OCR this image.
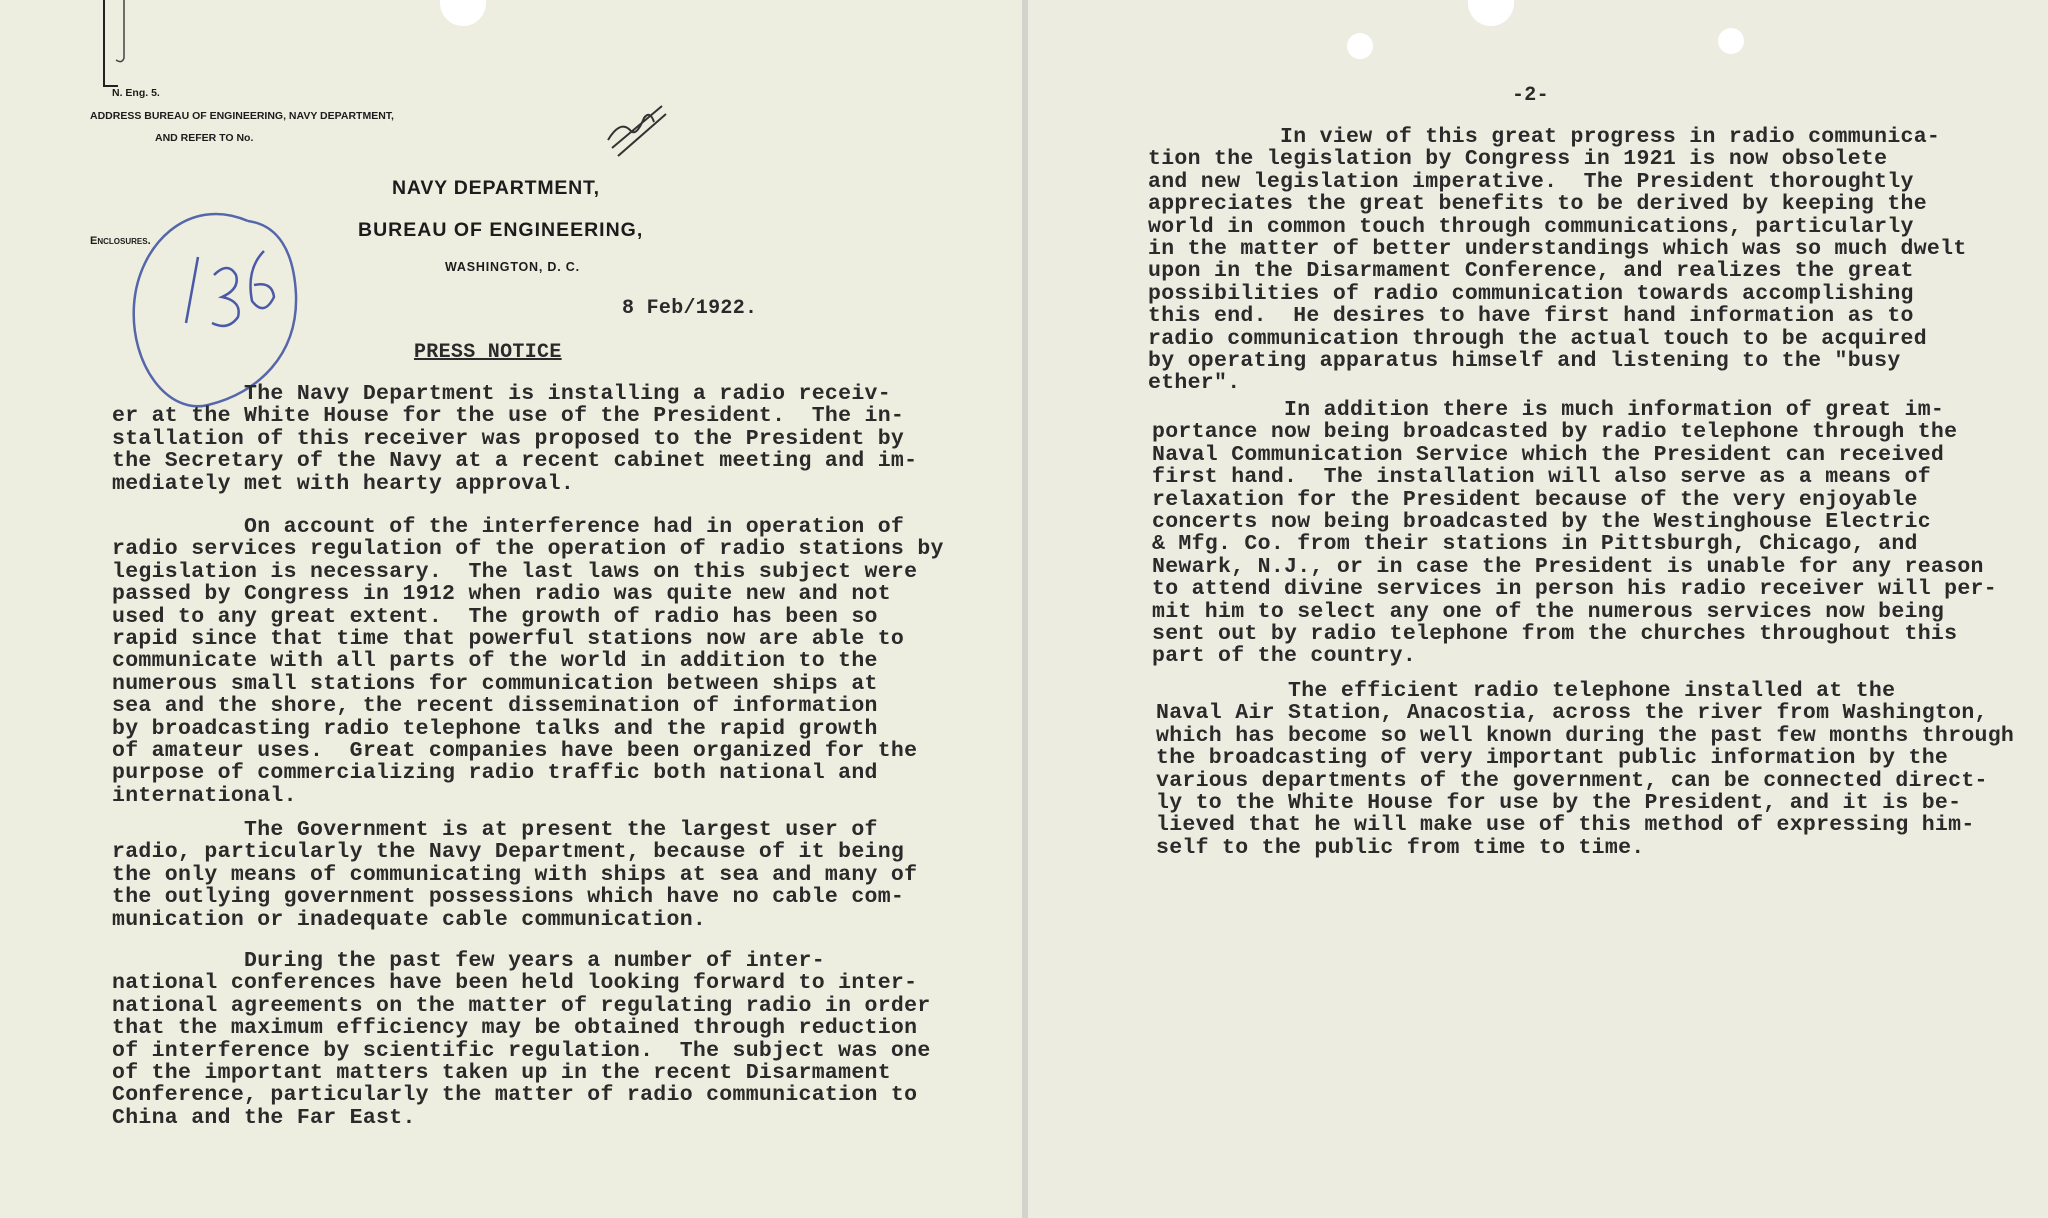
N. Eng. 5.
ADDRESS BUREAU OF ENGINEERING, NAVY DEPARTMENT,
AND REFER TO No.
Enclosures.
NAVY DEPARTMENT,
BUREAU OF ENGINEERING,
WASHINGTON, D. C.
8 Feb/1922.
PRESS NOTICE
The Navy Department is installing a radio receiv-
er at the White House for the use of the President.  The in-
stallation of this receiver was proposed to the President by
the Secretary of the Navy at a recent cabinet meeting and im-
mediately met with hearty approval.
On account of the interference had in operation of
radio services regulation of the operation of radio stations by
legislation is necessary.  The last laws on this subject were
passed by Congress in 1912 when radio was quite new and not
used to any great extent.  The growth of radio has been so
rapid since that time that powerful stations now are able to
communicate with all parts of the world in addition to the
numerous small stations for communication between ships at
sea and the shore, the recent dissemination of information
by broadcasting radio telephone talks and the rapid growth
of amateur uses.  Great companies have been organized for the
purpose of commercializing radio traffic both national and
international.
The Government is at present the largest user of
radio, particularly the Navy Department, because of it being
the only means of communicating with ships at sea and many of
the outlying government possessions which have no cable com-
munication or inadequate cable communication.
During the past few years a number of inter-
national conferences have been held looking forward to inter-
national agreements on the matter of regulating radio in order
that the maximum efficiency may be obtained through reduction
of interference by scientific regulation.  The subject was one
of the important matters taken up in the recent Disarmament
Conference, particularly the matter of radio communication to
China and the Far East.
-2-
In view of this great progress in radio communica-
tion the legislation by Congress in 1921 is now obsolete
and new legislation imperative.  The President thoroughtly
appreciates the great benefits to be derived by keeping the
world in common touch through communications, particularly
in the matter of better understandings which was so much dwelt
upon in the Disarmament Conference, and realizes the great
possibilities of radio communication towards accomplishing
this end.  He desires to have first hand information as to
radio communication through the actual touch to be acquired
by operating apparatus himself and listening to the "busy
ether".
In addition there is much information of great im-
portance now being broadcasted by radio telephone through the
Naval Communication Service which the President can received
first hand.  The installation will also serve as a means of
relaxation for the President because of the very enjoyable
concerts now being broadcasted by the Westinghouse Electric
& Mfg. Co. from their stations in Pittsburgh, Chicago, and
Newark, N.J., or in case the President is unable for any reason
to attend divine services in person his radio receiver will per-
mit him to select any one of the numerous services now being
sent out by radio telephone from the churches throughout this
part of the country.
The efficient radio telephone installed at the
Naval Air Station, Anacostia, across the river from Washington,
which has become so well known during the past few months through
the broadcasting of very important public information by the
various departments of the government, can be connected direct-
ly to the White House for use by the President, and it is be-
lieved that he will make use of this method of expressing him-
self to the public from time to time.
